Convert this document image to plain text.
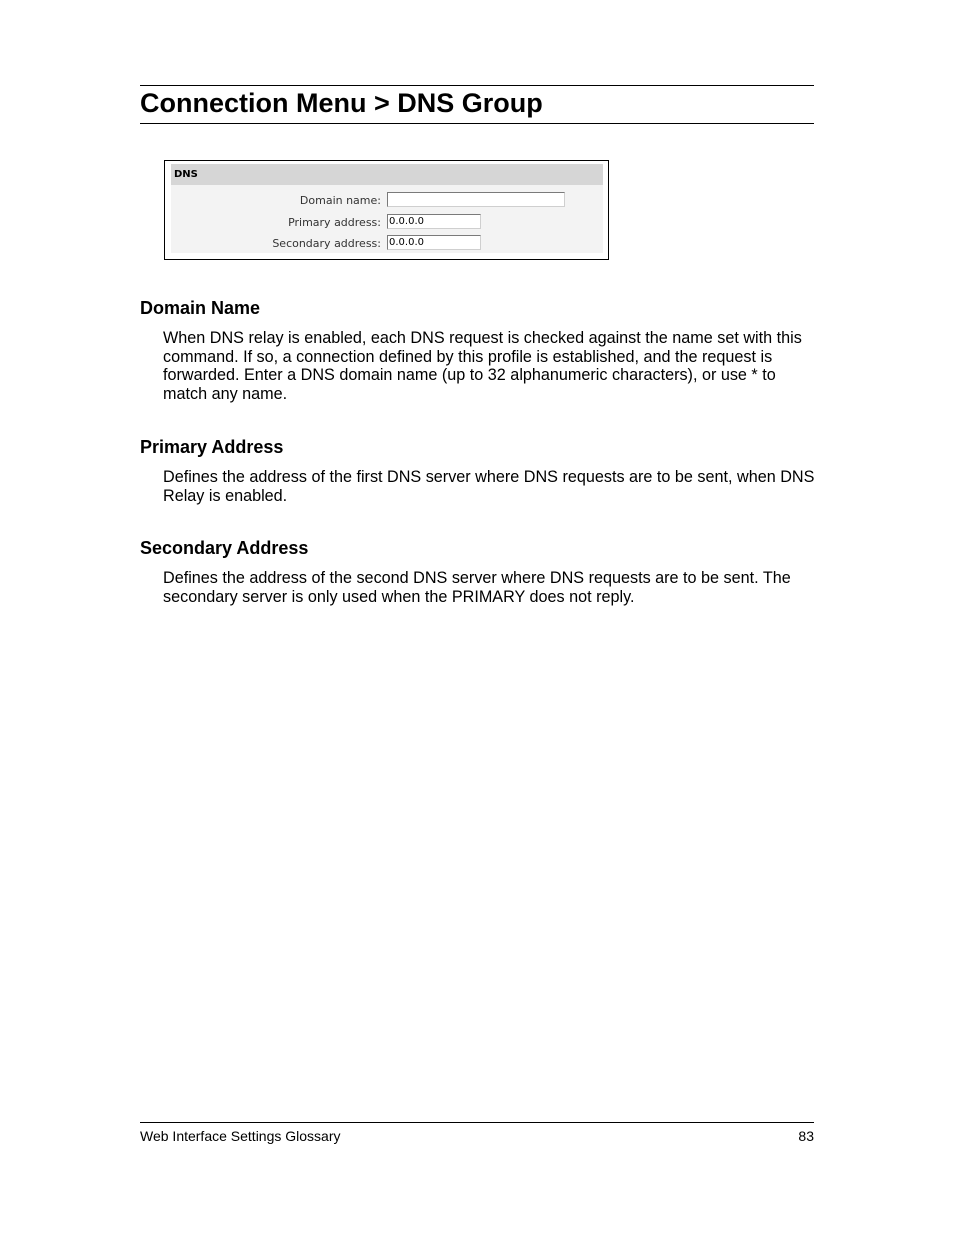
Connection Menu > DNS Group
DNS
Domain name:
Primary address: 0.0.0.0
Secondary address: 0.0.0.0
Domain Name

When DNS relay is enabled, each DNS request is checked against the name set with this command. If so, a connection defined by this profile is established, and the request is forwarded. Enter a DNS domain name (up to 32 alphanumeric characters), or use * to match any name.

Primary Address

Defines the address of the first DNS server where DNS requests are to be sent, when DNS Relay is enabled.

Secondary Address

Defines the address of the second DNS server where DNS requests are to be sent. The secondary server is only used when the PRIMARY does not reply.

Web Interface Settings Glossary	83
